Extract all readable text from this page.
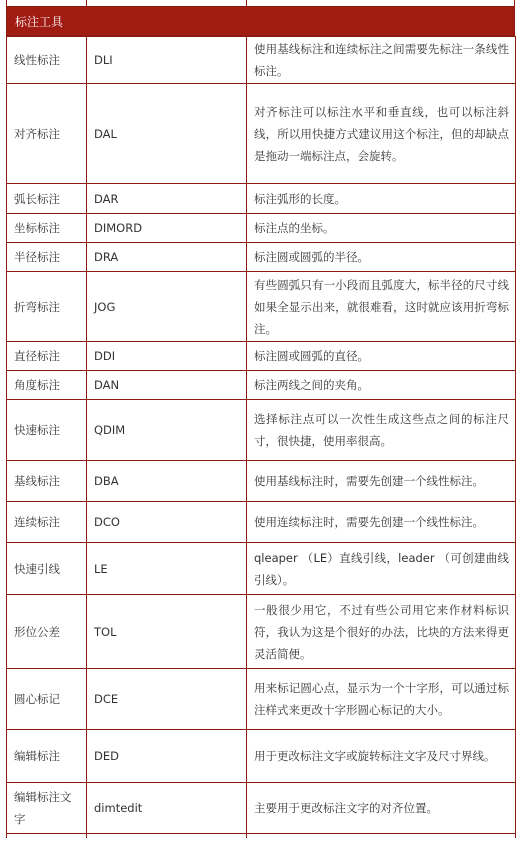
标注工具
线性标注	DLI	使用基线标注和连续标注之间需要先标注一条线性标注。
对齐标注	DAL	对齐标注可以标注水平和垂直线，也可以标注斜线，所以用快捷方式建议用这个标注，但的却缺点是拖动一端标注点，会旋转。
弧长标注	DAR	标注弧形的长度。
坐标标注	DIMORD	标注点的坐标。
半径标注	DRA	标注圆或圆弧的半径。
折弯标注	JOG	有些圆弧只有一小段而且弧度大，标半径的尺寸线如果全显示出来，就很难看，这时就应该用折弯标注。
直径标注	DDI	标注圆或圆弧的直径。
角度标注	DAN	标注两线之间的夹角。
快速标注	QDIM	选择标注点可以一次性生成这些点之间的标注尺寸，很快捷，使用率很高。
基线标注	DBA	使用基线标注时，需要先创建一个线性标注。
连续标注	DCO	使用连续标注时，需要先创建一个线性标注。
快速引线	LE	qleaper （LE）直线引线，leader （可创建曲线引线）。
形位公差	TOL	一般很少用它，不过有些公司用它来作材料标识符，我认为这是个很好的办法，比块的方法来得更灵活简便。
圆心标记	DCE	用来标记圆心点，显示为一个十字形，可以通过标注样式来更改十字形圆心标记的大小。
编辑标注	DED	用于更改标注文字或旋转标注文字及尺寸界线。
编辑标注文字	dimtedit	主要用于更改标注文字的对齐位置。
